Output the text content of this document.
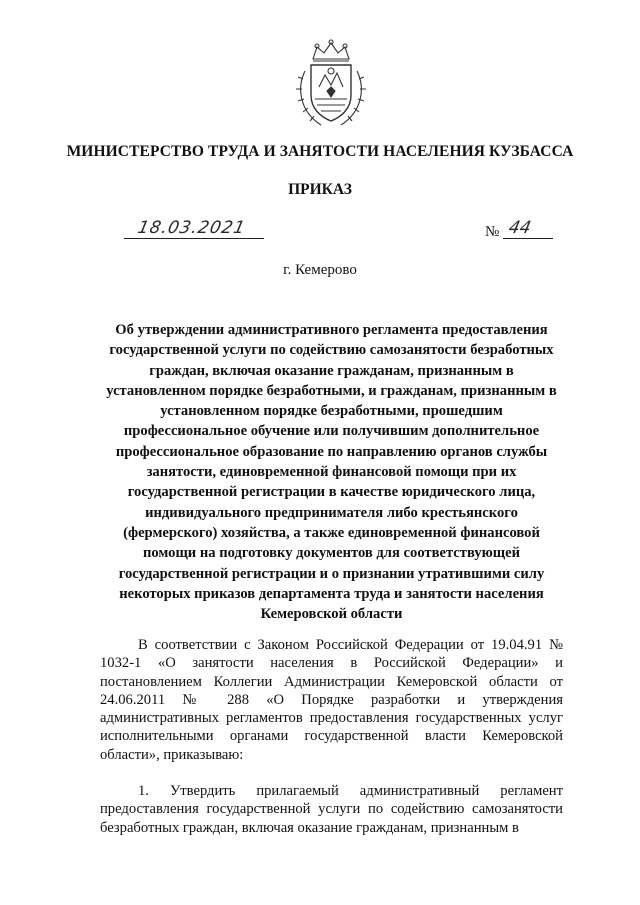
МИНИСТЕРСТВО ТРУДА И ЗАНЯТОСТИ НАСЕЛЕНИЯ КУЗБАССА
ПРИКАЗ
18.03.2021	№ 44
г. Кемерово
Об утверждении административного регламента предоставления государственной услуги по содействию самозанятости безработных граждан, включая оказание гражданам, признанным в установленном порядке безработными, и гражданам, признанным в установленном порядке безработными, прошедшим профессиональное обучение или получившим дополнительное профессиональное образование по направлению органов службы занятости, единовременной финансовой помощи при их государственной регистрации в качестве юридического лица, индивидуального предпринимателя либо крестьянского (фермерского) хозяйства, а также единовременной финансовой помощи на подготовку документов для соответствующей государственной регистрации и о признании утратившими силу некоторых приказов департамента труда и занятости населения Кемеровской области
В соответствии с Законом Российской Федерации от 19.04.91 № 1032-1 «О занятости населения в Российской Федерации» и постановлением Коллегии Администрации Кемеровской области от 24.06.2011 № 288 «О Порядке разработки и утверждения административных регламентов предоставления государственных услуг исполнительными органами государственной власти Кемеровской области», приказываю:
1. Утвердить прилагаемый административный регламент предоставления государственной услуги по содействию самозанятости безработных граждан, включая оказание гражданам, признанным в
